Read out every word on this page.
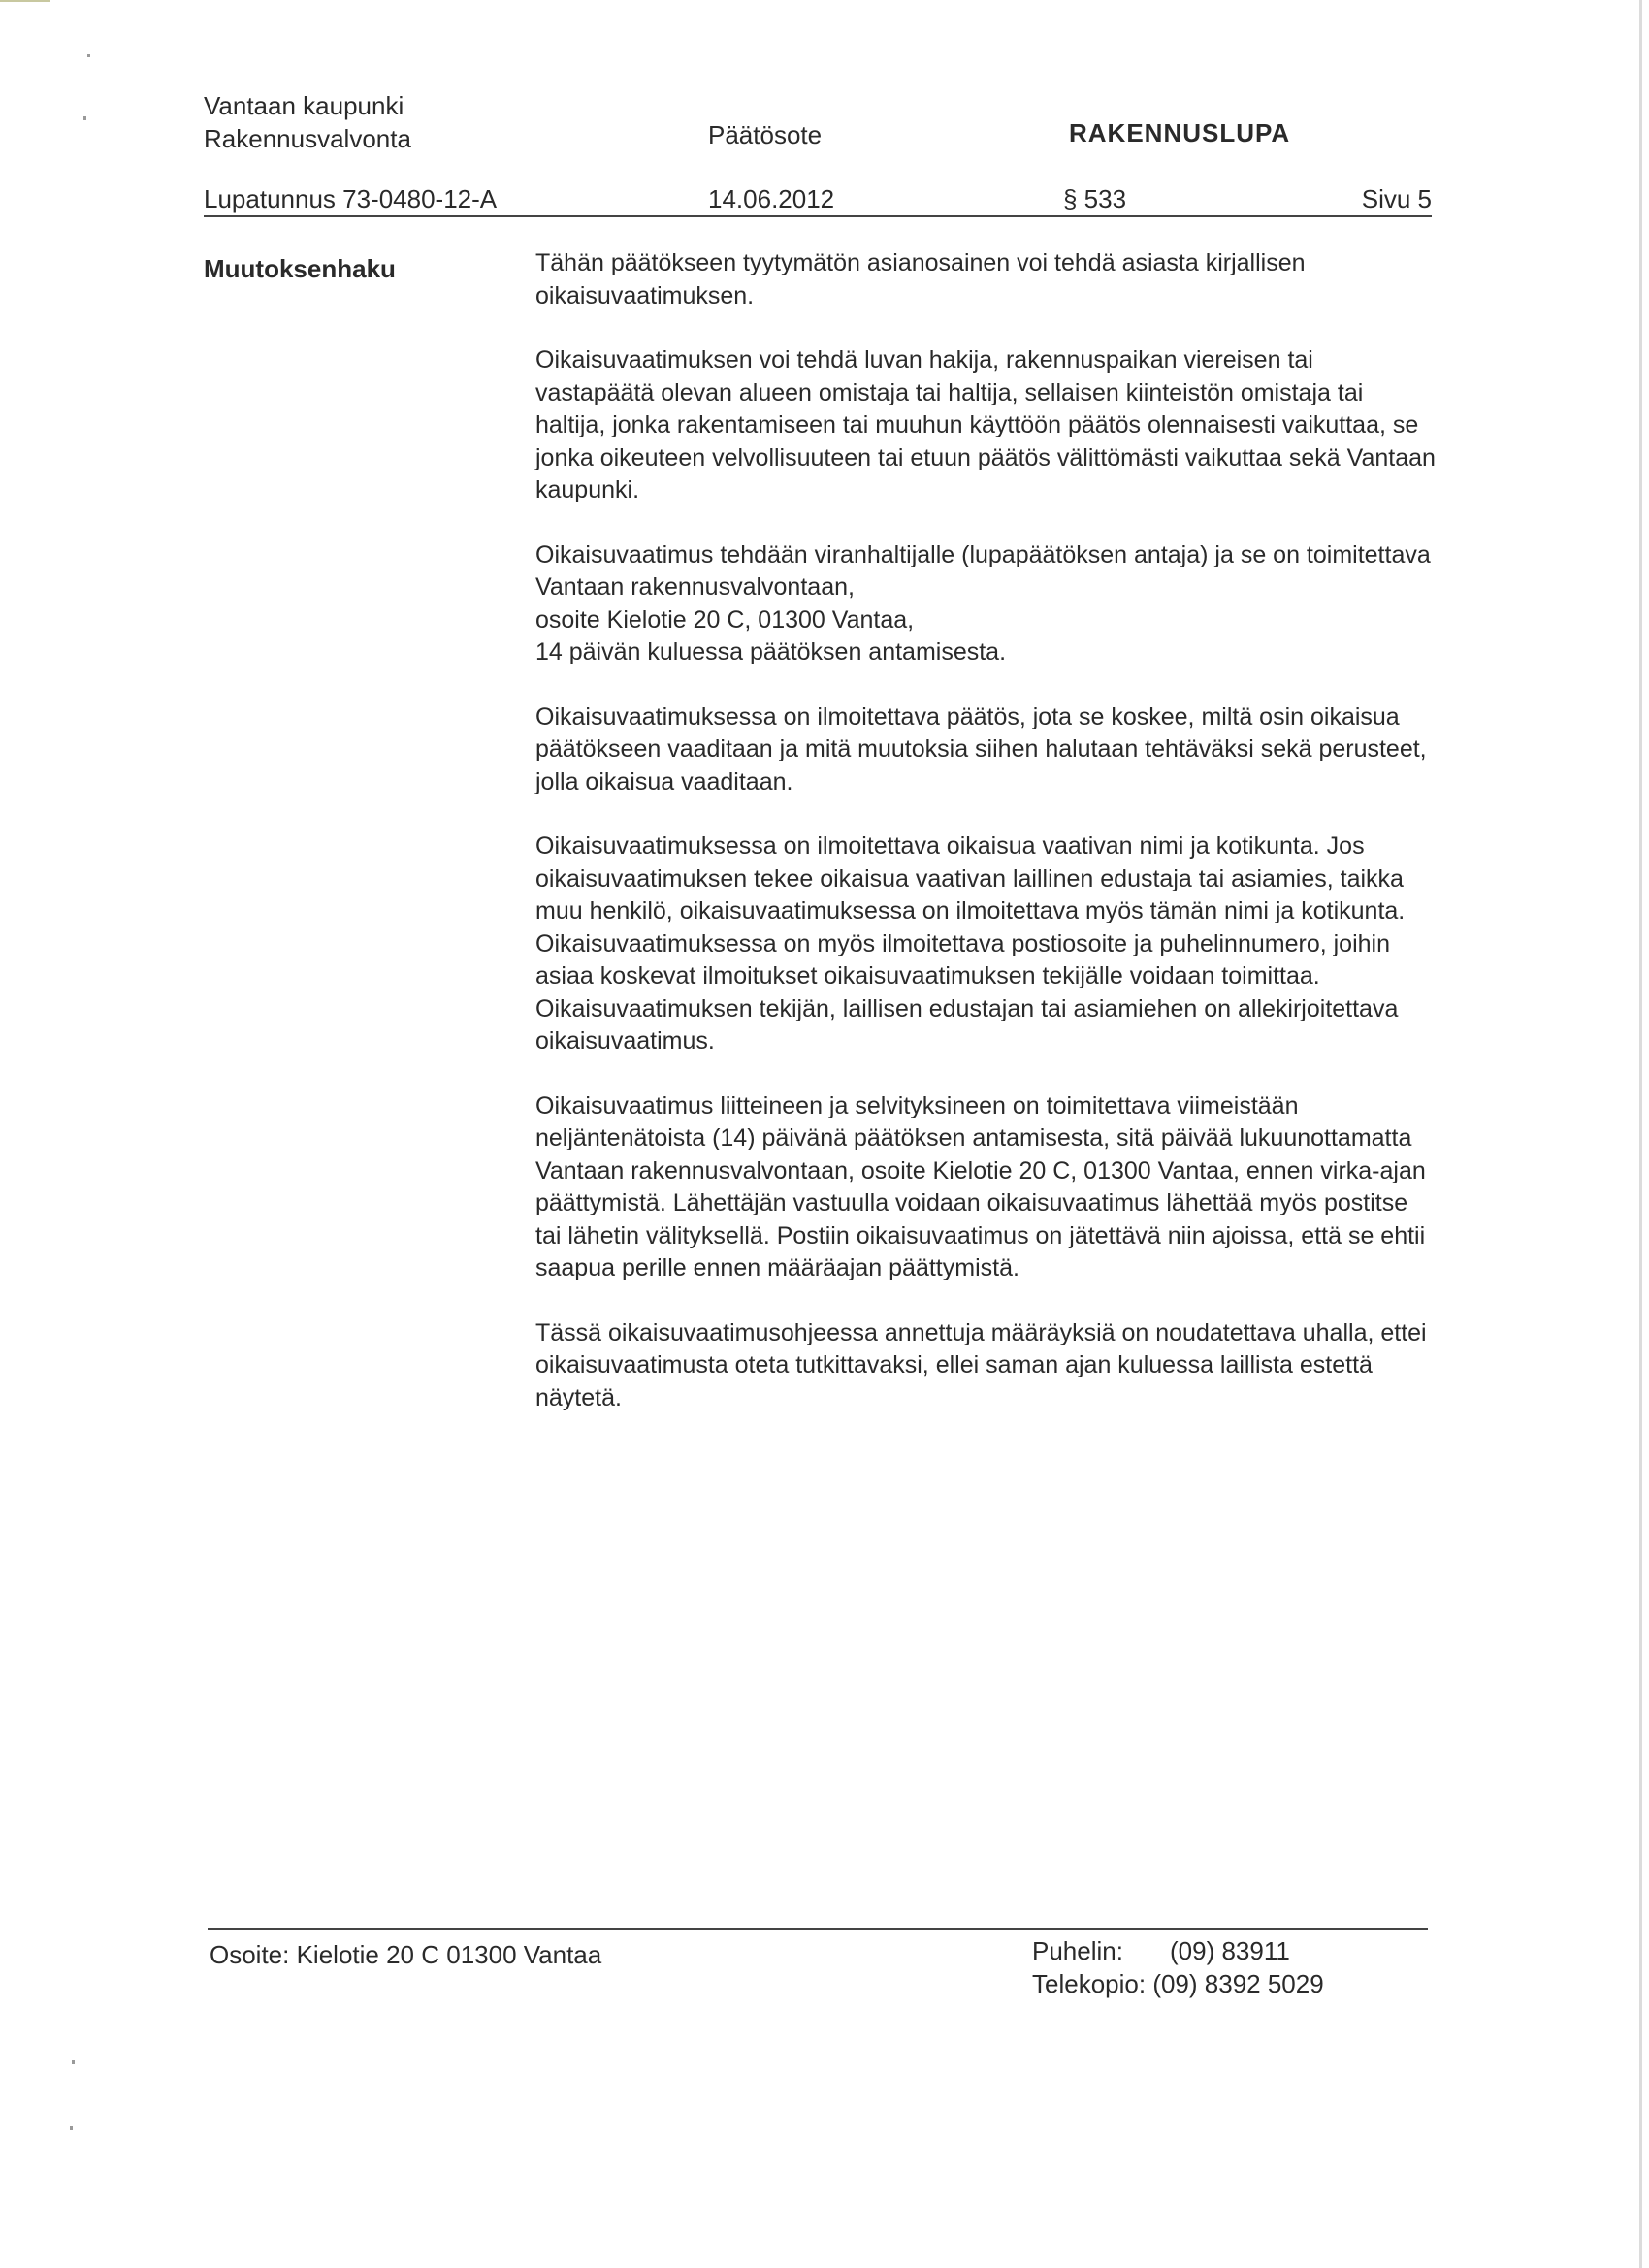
Vantaan kaupunki
Rakennusvalvonta	Päätösote	RAKENNUSLUPA
Lupatunnus 73-0480-12-A	14.06.2012	§ 533	Sivu 5
Muutoksenhaku	Tähän päätökseen tyytymätön asianosainen voi tehdä asiasta kirjallisen oikaisuvaatimuksen.

Oikaisuvaatimuksen voi tehdä luvan hakija, rakennuspaikan viereisen tai vastapäätä olevan alueen omistaja tai haltija, sellaisen kiinteistön omistaja tai haltija, jonka rakentamiseen tai muuhun käyttöön päätös olennaisesti vaikuttaa, se jonka oikeuteen velvollisuuteen tai etuun päätös välittömästi vaikuttaa sekä Vantaan kaupunki.

Oikaisuvaatimus tehdään viranhaltijalle (lupapäätöksen antaja) ja se on toimitettava Vantaan rakennusvalvontaan,
osoite Kielotie 20 C, 01300 Vantaa,
14 päivän kuluessa päätöksen antamisesta.

Oikaisuvaatimuksessa on ilmoitettava päätös, jota se koskee, miltä osin oikaisua päätökseen vaaditaan ja mitä muutoksia siihen halutaan tehtäväksi sekä perusteet, jolla oikaisua vaaditaan.

Oikaisuvaatimuksessa on ilmoitettava oikaisua vaativan nimi ja kotikunta. Jos oikaisuvaatimuksen tekee oikaisua vaativan laillinen edustaja tai asiamies, taikka muu henkilö, oikaisuvaatimuksessa on ilmoitettava myös tämän nimi ja kotikunta. Oikaisuvaatimuksessa on myös ilmoitettava postiosoite ja puhelinnumero, joihin asiaa koskevat ilmoitukset oikaisuvaatimuksen tekijälle voidaan toimittaa. Oikaisuvaatimuksen tekijän, laillisen edustajan tai asiamiehen on allekirjoitettava oikaisuvaatimus.

Oikaisuvaatimus liitteineen ja selvityksineen on toimitettava viimeistään neljäntenätoista (14) päivänä päätöksen antamisesta, sitä päivää lukuunottamatta Vantaan rakennusvalvontaan, osoite Kielotie 20 C, 01300 Vantaa, ennen virka-ajan päättymistä. Lähettäjän vastuulla voidaan oikaisuvaatimus lähettää myös postitse tai lähetin välityksellä. Postiin oikaisuvaatimus on jätettävä niin ajoissa, että se ehtii saapua perille ennen määräajan päättymistä.

Tässä oikaisuvaatimusohjeessa annettuja määräyksiä on noudatettava uhalla, ettei oikaisuvaatimusta oteta tutkittavaksi, ellei saman ajan kuluessa laillista estettä näytetä.

Osoite: Kielotie 20 C 01300 Vantaa	Puhelin: (09) 83911
Telekopio: (09) 8392 5029
